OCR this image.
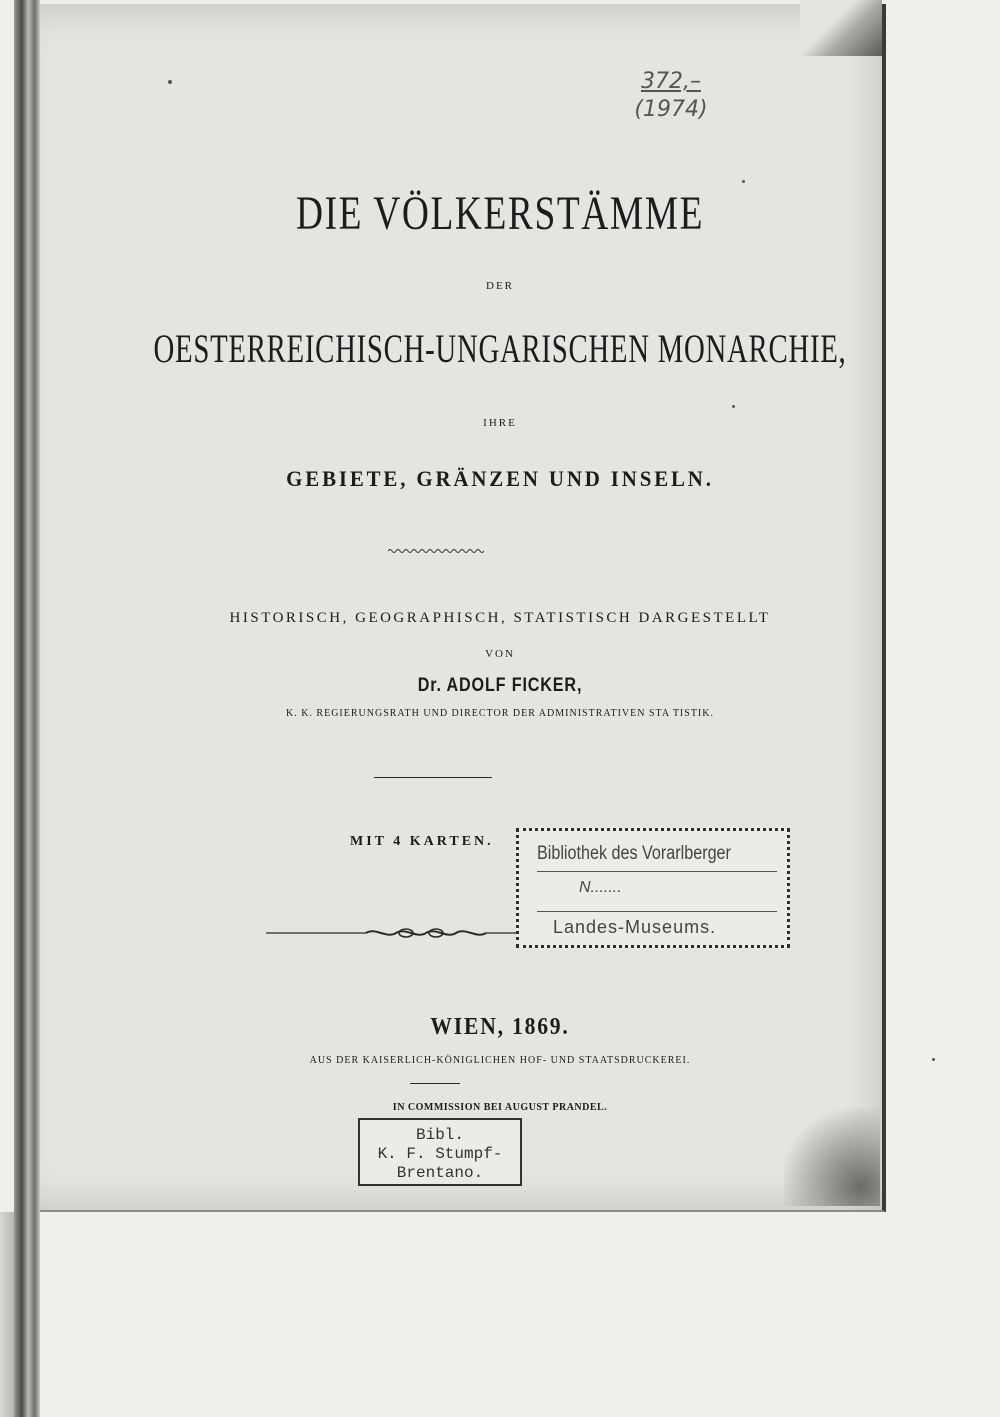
372,–
(1974)
DIE VÖLKERSTÄMME
DER
OESTERREICHISCH-UNGARISCHEN MONARCHIE,
IHRE
GEBIETE, GRÄNZEN UND INSELN.
HISTORISCH, GEOGRAPHISCH, STATISTISCH DARGESTELLT
VON
Dr. ADOLF FICKER,
K. K. REGIERUNGSRATH UND DIRECTOR DER ADMINISTRATIVEN STA TISTIK.
MIT 4 KARTEN.
Bibliothek des Vorarlberger
N.......
Landes-Museums.
WIEN, 1869.
AUS DER KAISERLICH-KÖNIGLICHEN HOF- UND STAATSDRUCKEREI.
IN COMMISSION BEI AUGUST PRANDEL.
Bibl.
K. F. Stumpf-
Brentano.
